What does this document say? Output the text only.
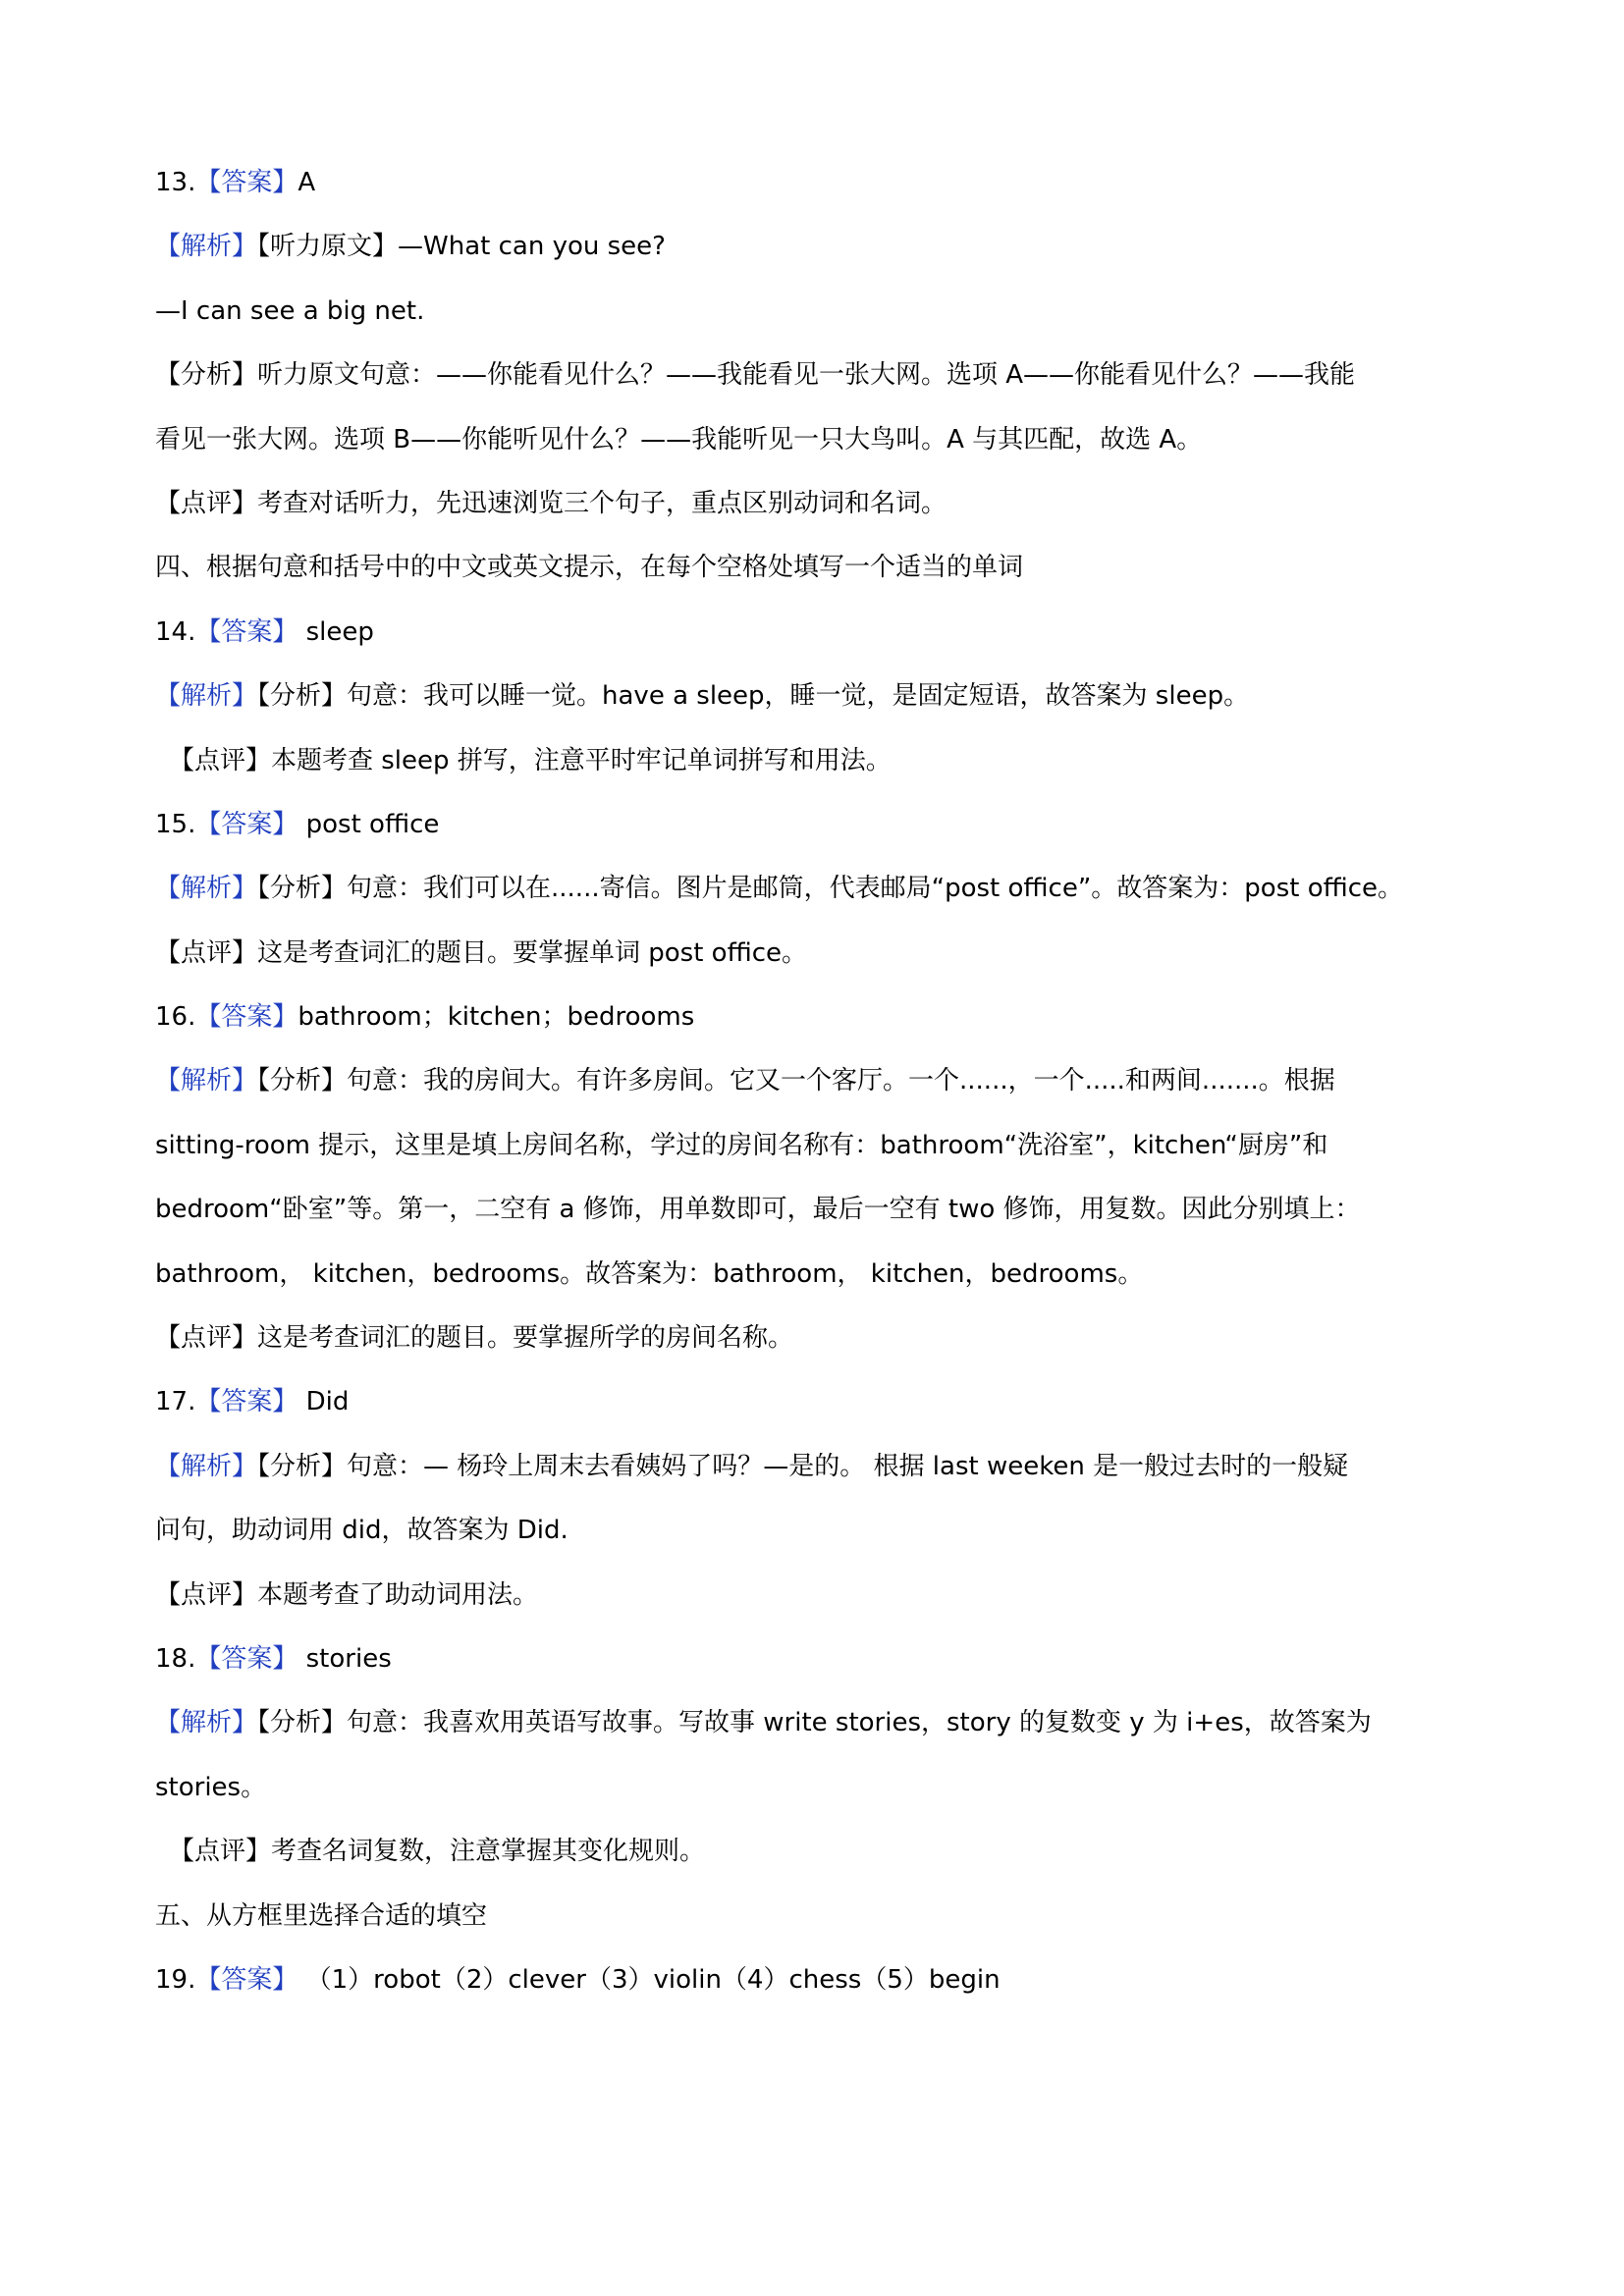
13.【答案】A
【解析】【听力原文】—What can you see?
—I can see a big net.
【分析】听力原文句意：——你能看见什么？——我能看见一张大网。选项 A——你能看见什么？——我能
看见一张大网。选项 B——你能听见什么？——我能听见一只大鸟叫。A 与其匹配，故选 A。
【点评】考查对话听力，先迅速浏览三个句子，重点区别动词和名词。
四、根据句意和括号中的中文或英文提示，在每个空格处填写一个适当的单词
14.【答案】 sleep
【解析】【分析】句意：我可以睡一觉。have a sleep，睡一觉，是固定短语，故答案为 sleep。
【点评】本题考查 sleep 拼写，注意平时牢记单词拼写和用法。
15.【答案】 post office
【解析】【分析】句意：我们可以在......寄信。图片是邮筒，代表邮局“post office”。故答案为：post office。
【点评】这是考查词汇的题目。要掌握单词 post office。
16.【答案】bathroom；kitchen；bedrooms
【解析】【分析】句意：我的房间大。有许多房间。它又一个客厅。一个......，一个.....和两间.......。根据
sitting-room 提示，这里是填上房间名称，学过的房间名称有：bathroom“洗浴室”，kitchen“厨房”和
bedroom“卧室”等。第一，二空有 a 修饰，用单数即可，最后一空有 two 修饰，用复数。因此分别填上：
bathroom， kitchen，bedrooms。故答案为：bathroom， kitchen，bedrooms。
【点评】这是考查词汇的题目。要掌握所学的房间名称。
17.【答案】 Did
【解析】【分析】句意：— 杨玲上周末去看姨妈了吗？—是的。 根据 last weeken 是一般过去时的一般疑
问句，助动词用 did，故答案为 Did.
【点评】本题考查了助动词用法。
18.【答案】 stories
【解析】【分析】句意：我喜欢用英语写故事。写故事 write stories，story 的复数变 y 为 i+es，故答案为
stories。
【点评】考查名词复数，注意掌握其变化规则。
五、从方框里选择合适的填空
19.【答案】 （1）robot（2）clever（3）violin（4）chess（5）begin
